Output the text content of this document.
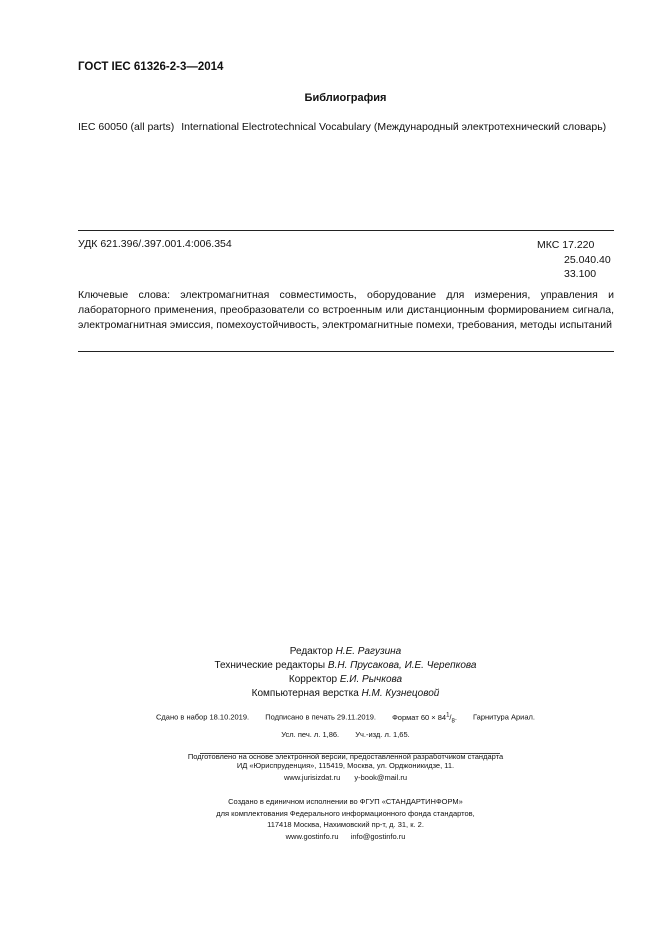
ГОСТ IEC 61326-2-3—2014
Библиография
IEC 60050 (all parts) International Electrotechnical Vocabulary (Международный электротехнический словарь)
УДК 621.396/.397.001.4:006.354	МКС 17.220
25.040.40
33.100
Ключевые слова: электромагнитная совместимость, оборудование для измерения, управления и лабораторного применения, преобразователи со встроенным или дистанционным формированием сигнала, электромагнитная эмиссия, помехоустойчивость, электромагнитные помехи, требования, методы испытаний
Редактор Н.Е. Рагузина
Технические редакторы В.Н. Прусакова, И.Е. Черепкова
Корректор Е.И. Рычкова
Компьютерная верстка Н.М. Кузнецовой
Сдано в набор 18.10.2019. Подписано в печать 29.11.2019. Формат $60 \times 84^1/_8$. Гарнитура Ариал.
Усл. печ. л. 1,86. Уч.-изд. л. 1,65.
Подготовлено на основе электронной версии, предоставленной разработчиком стандарта
ИД «Юриспруденция», 115419, Москва, ул. Орджоникидзе, 11.
www.jurisizdat.ru y-book@mail.ru
Создано в единичном исполнении во ФГУП «СТАНДАРТИНФОРМ»
для комплектования Федерального информационного фонда стандартов,
117418 Москва, Нахимовский пр-т, д. 31, к. 2.
www.gostinfo.ru info@gostinfo.ru
